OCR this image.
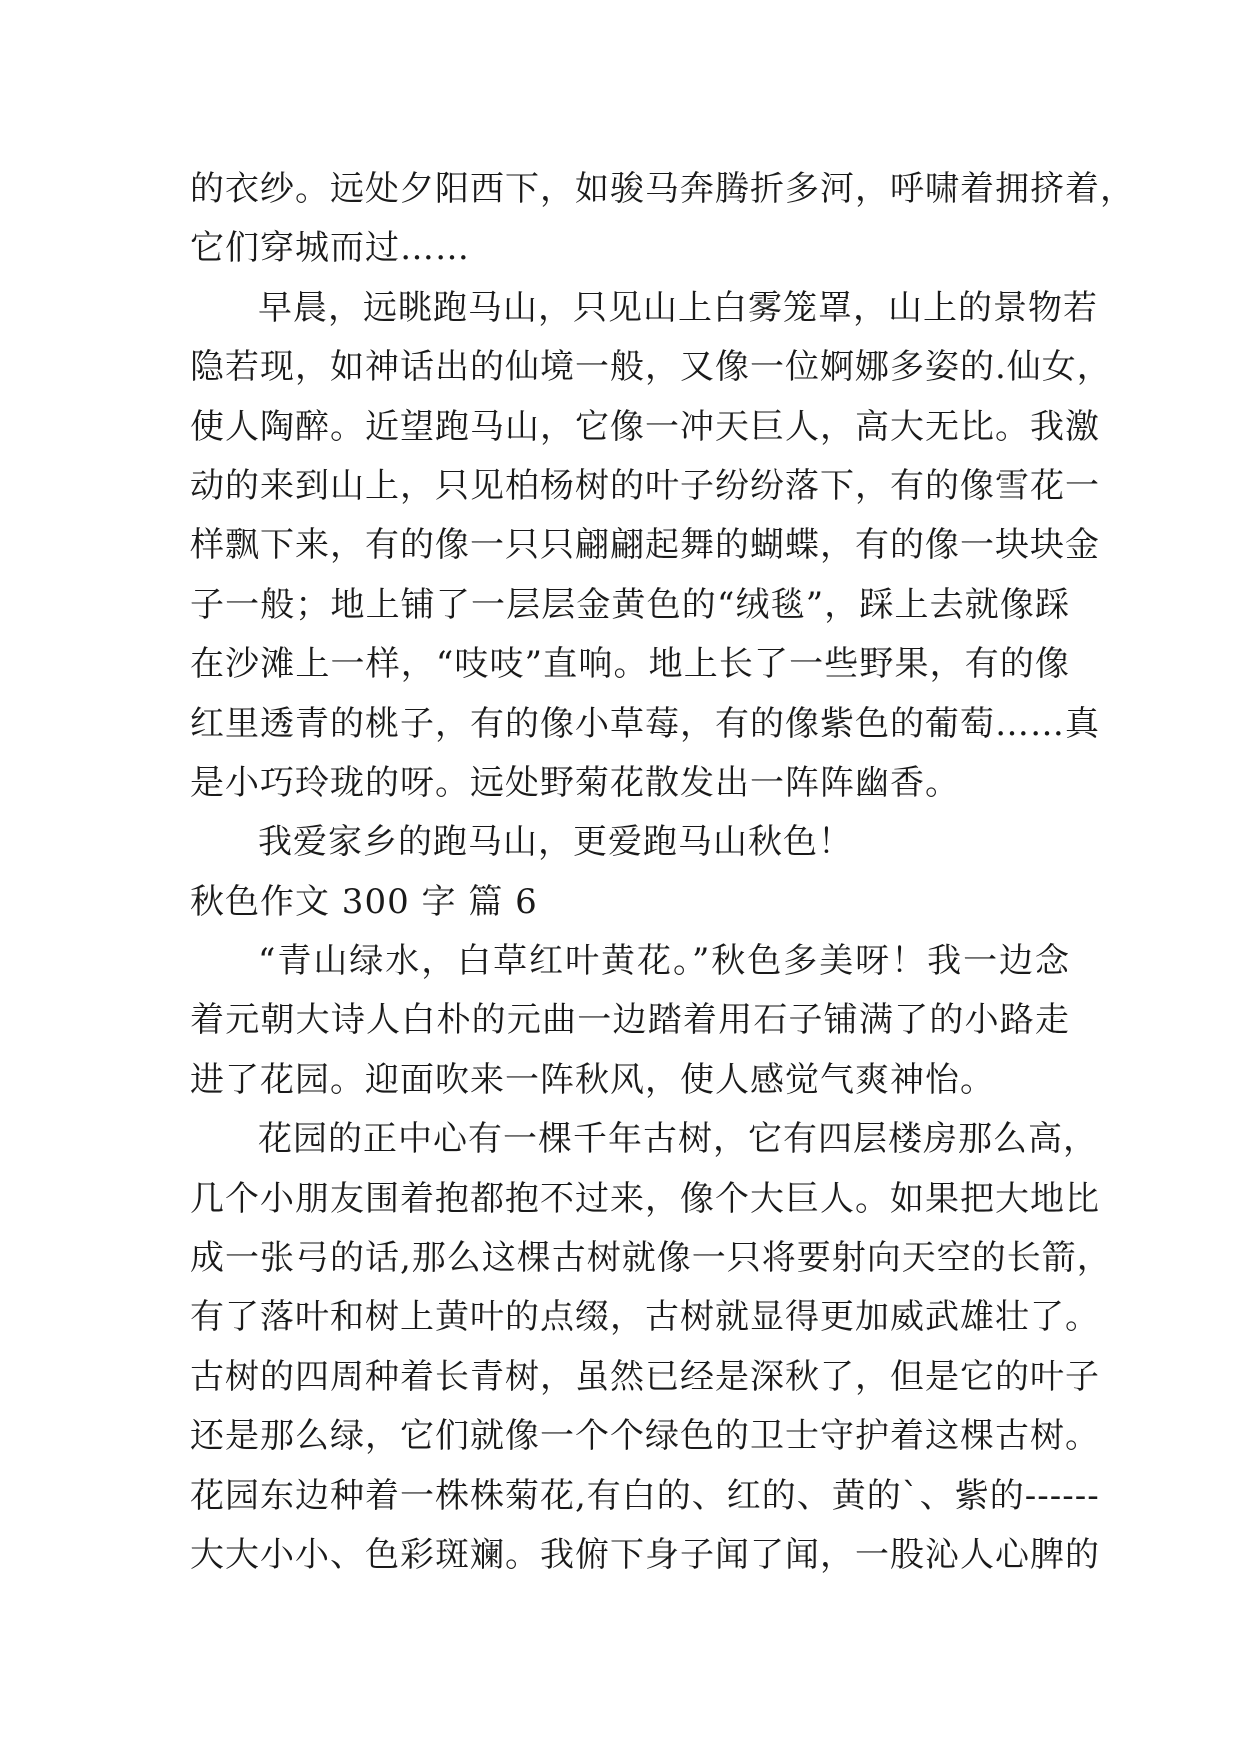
的衣纱。远处夕阳西下，如骏马奔腾折多河，呼啸着拥挤着，
它们穿城而过……
早晨，远眺跑马山，只见山上白雾笼罩，山上的景物若
隐若现，如神话出的仙境一般，又像一位婀娜多姿的.仙女，
使人陶醉。近望跑马山，它像一冲天巨人，高大无比。我激
动的来到山上，只见柏杨树的叶子纷纷落下，有的像雪花一
样飘下来，有的像一只只翩翩起舞的蝴蝶，有的像一块块金
子一般；地上铺了一层层金黄色的“绒毯”，踩上去就像踩
在沙滩上一样，“吱吱”直响。地上长了一些野果，有的像
红里透青的桃子，有的像小草莓，有的像紫色的葡萄……真
是小巧玲珑的呀。远处野菊花散发出一阵阵幽香。
我爱家乡的跑马山，更爱跑马山秋色！
秋色作文 300 字 篇 6
“青山绿水，白草红叶黄花。”秋色多美呀！我一边念
着元朝大诗人白朴的元曲一边踏着用石子铺满了的小路走
进了花园。迎面吹来一阵秋风，使人感觉气爽神怡。
花园的正中心有一棵千年古树，它有四层楼房那么高，
几个小朋友围着抱都抱不过来，像个大巨人。如果把大地比
成一张弓的话,那么这棵古树就像一只将要射向天空的长箭，
有了落叶和树上黄叶的点缀，古树就显得更加威武雄壮了。
古树的四周种着长青树，虽然已经是深秋了，但是它的叶子
还是那么绿，它们就像一个个绿色的卫士守护着这棵古树。
花园东边种着一株株菊花,有白的、红的、黄的`、紫的------
大大小小、色彩斑斓。我俯下身子闻了闻，一股沁人心脾的
